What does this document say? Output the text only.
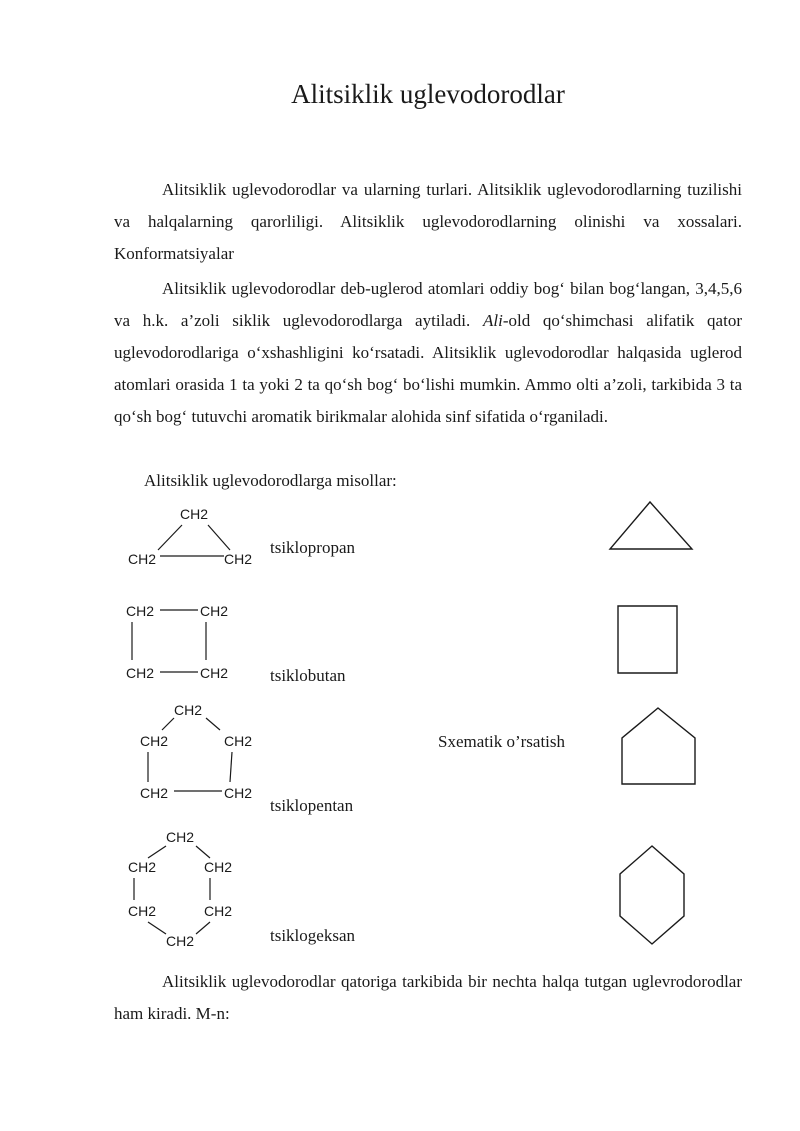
Alitsiklik uglevodorodlar

Alitsiklik uglevodorodlar va ularning turlari. Alitsiklik uglevodorodlarning tuzilishi va halqalarning qarorliligi. Alitsiklik uglevodorodlarning olinishi va xossalari. Konformatsiyalar

Alitsiklik uglevodorodlar deb-uglerod atomlari oddiy bog‘ bilan bog‘langan, 3,4,5,6 va h.k. a’zoli siklik uglevodorodlarga aytiladi. Ali-old qo‘shimchasi alifatik qator uglevodorodlariga o‘xshashligini ko‘rsatadi. Alitsiklik uglevodorodlar halqasida uglerod atomlari orasida 1 ta yoki 2 ta qo‘sh bog‘ bo‘lishi mumkin. Ammo olti a’zoli, tarkibida 3 ta qo‘sh bog‘ tutuvchi aromatik birikmalar alohida sinf sifatida o‘rganiladi.

Alitsiklik uglevodorodlarga misollar:

CH2
CH2	CH2
tsiklopropan
CH2	CH2
CH2	CH2 tsiklobutan
CH2
CH2	CH2
CH2	CH2
Sxematik o’rsatish
tsiklopentan
CH2
CH2	CH2
CH2	CH2
CH2	tsiklogeksan

Alitsiklik uglevodorodlar qatoriga tarkibida bir nechta halqa tutgan uglevrodorodlar ham kiradi. M-n:
